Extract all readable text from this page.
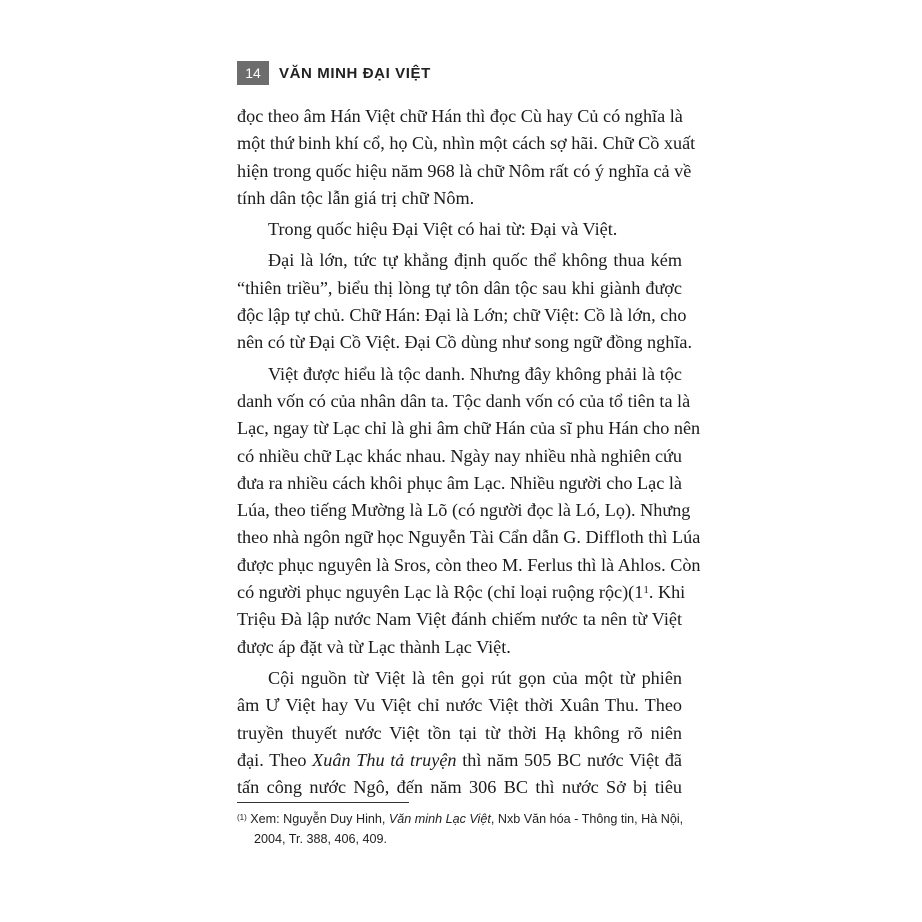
14	VĂN MINH ĐẠI VIỆT
đọc theo âm Hán Việt chữ Hán thì đọc Cù hay Củ có nghĩa là
một thứ binh khí cổ, họ Cù, nhìn một cách sợ hãi. Chữ Cồ xuất
hiện trong quốc hiệu năm 968 là chữ Nôm rất có ý nghĩa cả về
tính dân tộc lẫn giá trị chữ Nôm.
Trong quốc hiệu Đại Việt có hai từ: Đại và Việt.
Đại là lớn, tức tự khẳng định quốc thể không thua kém
“thiên triều”, biểu thị lòng tự tôn dân tộc sau khi giành được
độc lập tự chủ. Chữ Hán: Đại là Lớn; chữ Việt: Cồ là lớn, cho
nên có từ Đại Cồ Việt. Đại Cồ dùng như song ngữ đồng nghĩa.
Việt được hiểu là tộc danh. Nhưng đây không phải là tộc
danh vốn có của nhân dân ta. Tộc danh vốn có của tổ tiên ta là
Lạc, ngay từ Lạc chỉ là ghi âm chữ Hán của sĩ phu Hán cho nên
có nhiều chữ Lạc khác nhau. Ngày nay nhiều nhà nghiên cứu
đưa ra nhiều cách khôi phục âm Lạc. Nhiều người cho Lạc là
Lúa, theo tiếng Mường là Lõ (có người đọc là Ló, Lọ). Nhưng
theo nhà ngôn ngữ học Nguyễn Tài Cẩn dẫn G. Diffloth thì Lúa
được phục nguyên là Sros, còn theo M. Ferlus thì là Ahlos. Còn
có người phục nguyên Lạc là Rộc (chỉ loại ruộng rộc)(1$^1$. Khi
Triệu Đà lập nước Nam Việt đánh chiếm nước ta nên từ Việt
được áp đặt và từ Lạc thành Lạc Việt.
Cội nguồn từ Việt là tên gọi rút gọn của một từ phiên
âm Ư Việt hay Vu Việt chỉ nước Việt thời Xuân Thu. Theo
truyền thuyết nước Việt tồn tại từ thời Hạ không rõ niên
đại. Theo Xuân Thu tả truyện thì năm 505 BC nước Việt đã
tấn công nước Ngô, đến năm 306 BC thì nước Sở bị tiêu
$^{(1)}$ Xem: Nguyễn Duy Hinh, Văn minh Lạc Việt, Nxb Văn hóa - Thông tin, Hà Nội,
2004, Tr. 388, 406, 409.
